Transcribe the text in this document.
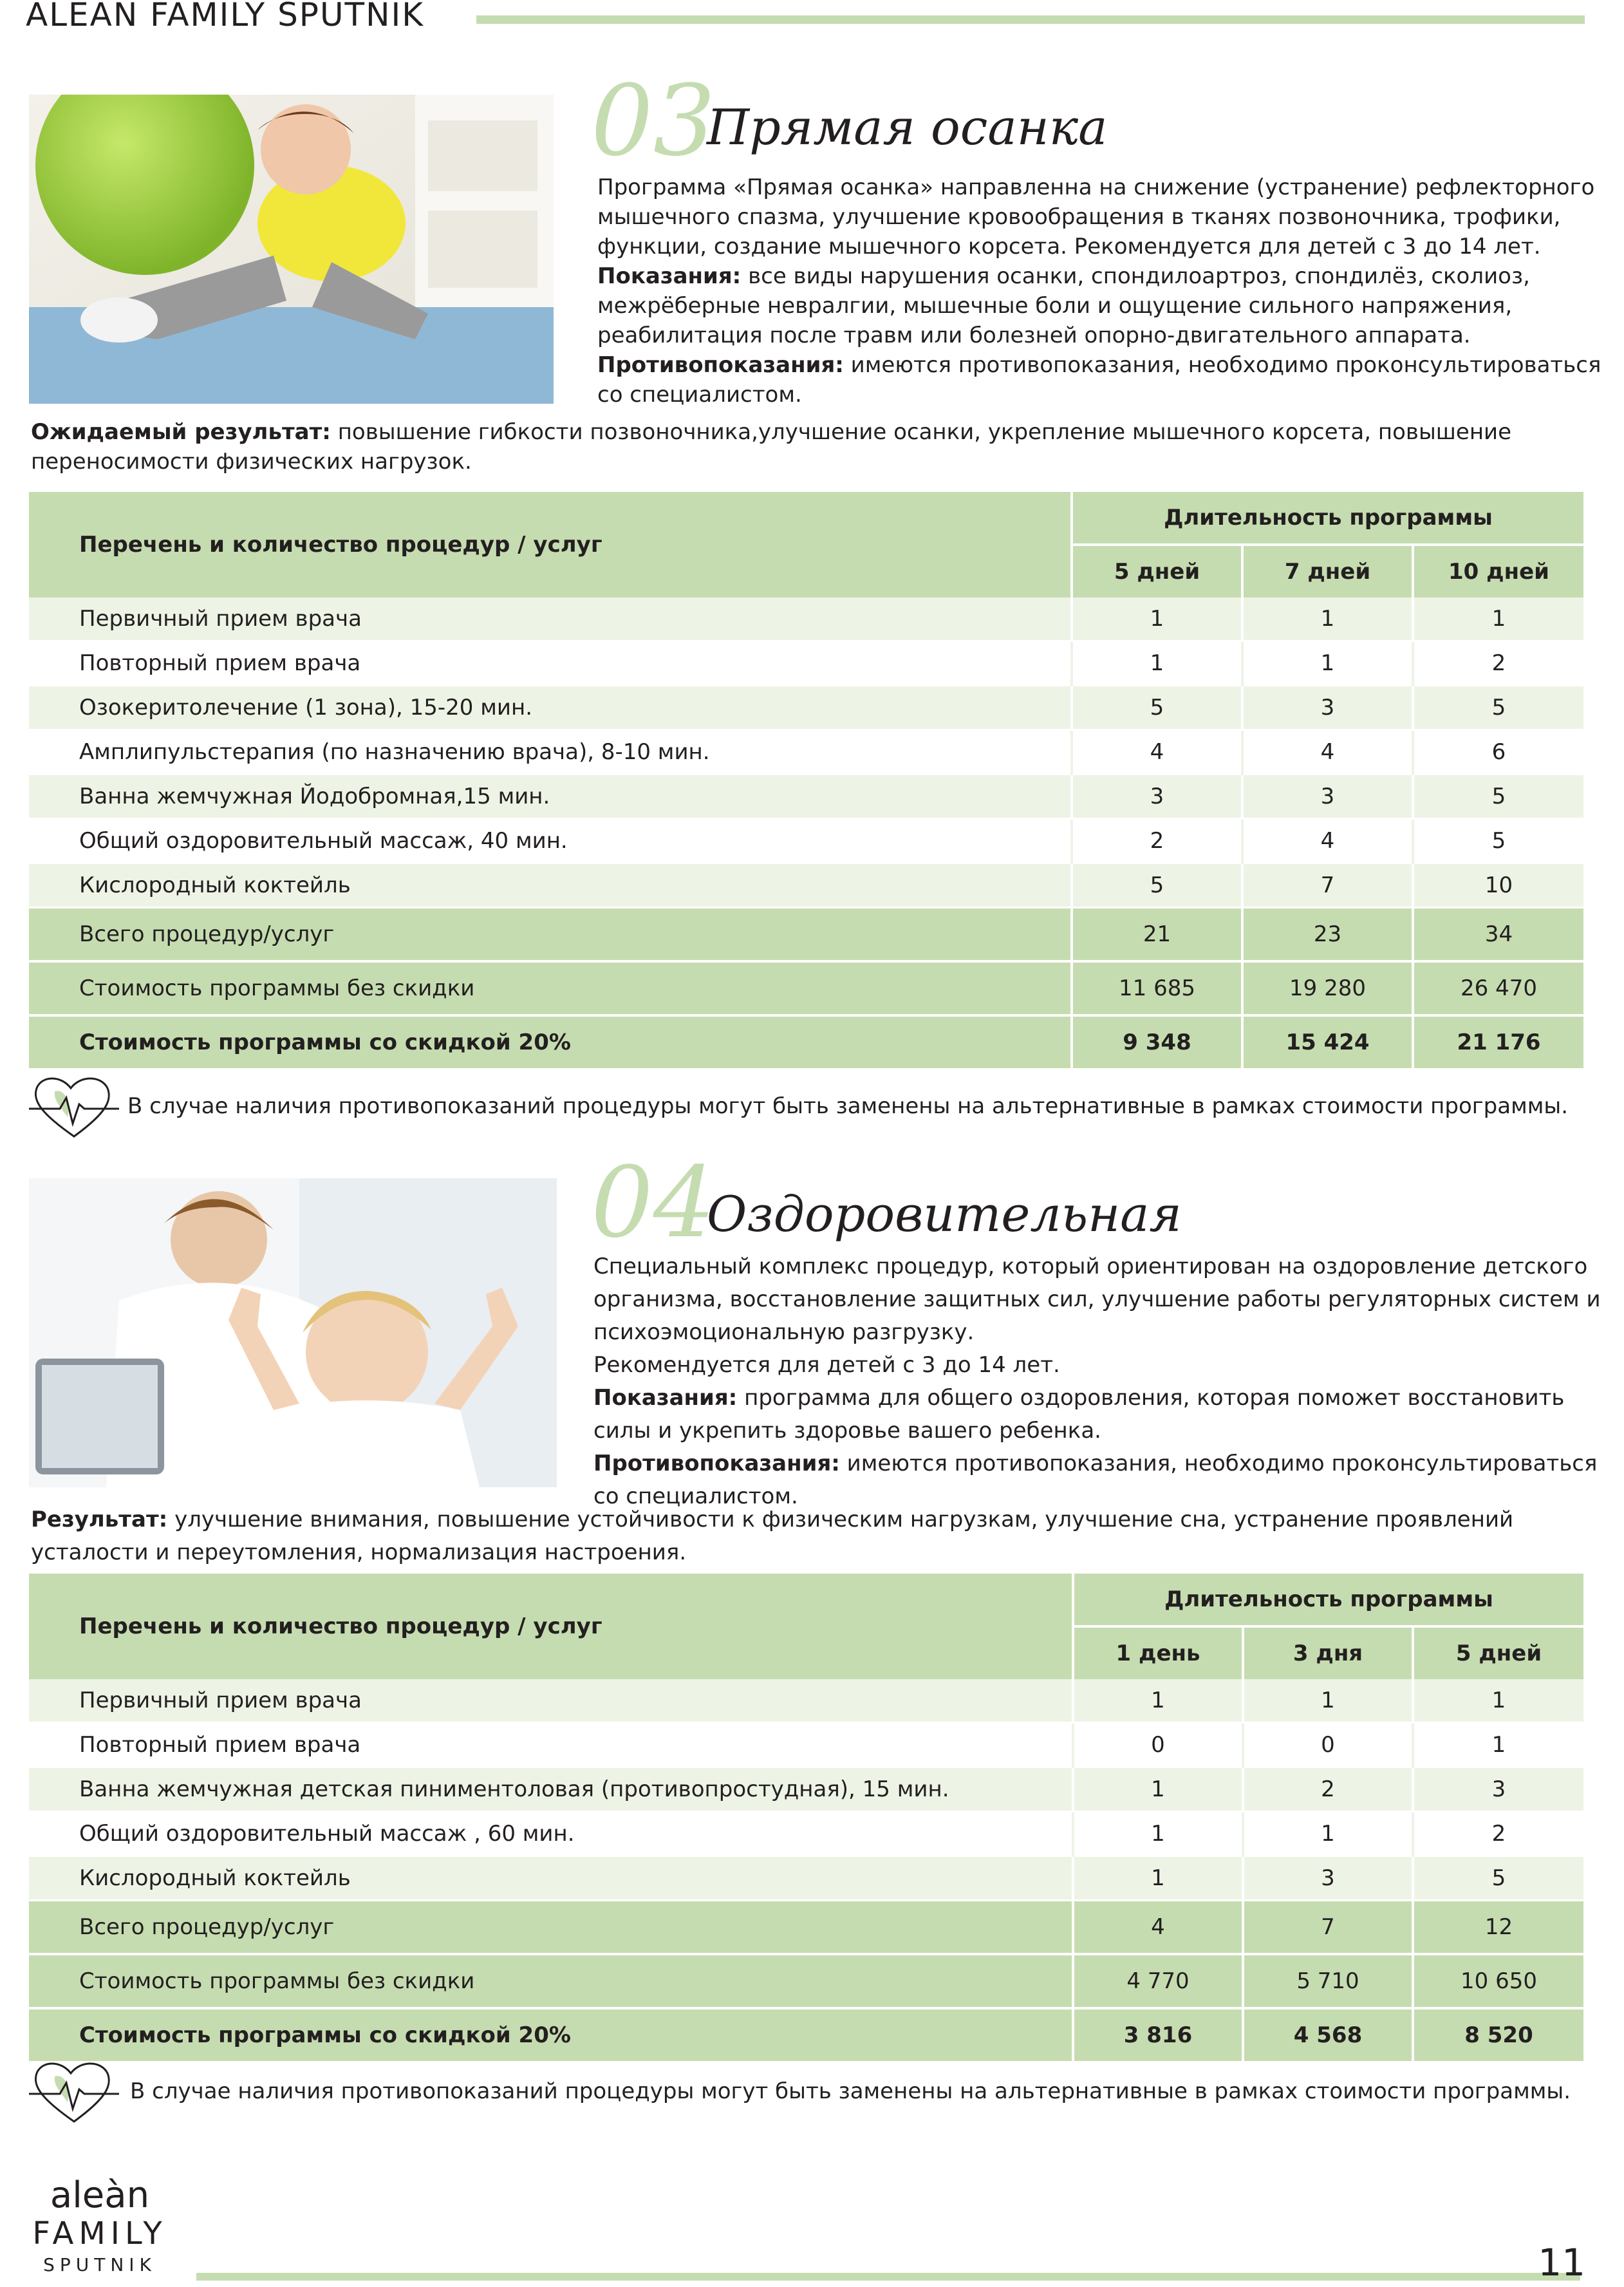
ALEAN FAMILY SPUTNIK
03
Прямая осанка

Программа «Прямая осанка» направленна на снижение (устранение) рефлекторного мышечного спазма, улучшение кровообращения в тканях позвоночника, трофики, функции, создание мышечного корсета. Рекомендуется для детей с 3 до 14 лет.

Показания: все виды нарушения осанки, спондилоартроз, спондилёз, сколиоз, межрёберные невралгии, мышечные боли и ощущение сильного напряжения, реабилитация после травм или болезней опорно-двигательного аппарата.

Противопоказания: имеются противопоказания, необходимо проконсультироваться со специалистом.

Ожидаемый результат: повышение гибкости позвоночника,улучшение осанки, укрепление мышечного корсета, повышение переносимости физических нагрузок.

Перечень и количество процедур / услуг	Длительность программы		
	5 дней	7 дней	10 дней
Первичный прием врача	1	1	1
Повторный прием врача	1	1	2
Озокеритолечение (1 зона), 15-20 мин.	5	3	5
Амплипульстерапия (по назначению врача), 8-10 мин.	4	4	6
Ванна жемчужная Йодобромная,15 мин.	3	3	5
Общий оздоровительный массаж, 40 мин.	2	4	5
Кислородный коктейль	5	7	10
Всего процедур/услуг	21	23	34
Стоимость программы без скидки	11 685	19 280	26 470
Стоимость программы со скидкой 20%	9 348	15 424	21 176
В случае наличия противопоказаний процедуры могут быть заменены на альтернативные в рамках стоимости программы.
04
Оздоровительная

Специальный комплекс процедур, который ориентирован на оздоровление детского организма, восстановление защитных сил, улучшение работы регуляторных систем и психоэмоциональную разгрузку.

Рекомендуется для детей с 3 до 14 лет.

Показания: программа для общего оздоровления, которая поможет восстановить силы и укрепить здоровье вашего ребенка.

Противопоказания: имеются противопоказания, необходимо проконсультироваться со специалистом.

Результат: улучшение внимания, повышение устойчивости к физическим нагрузкам, улучшение сна, устранение проявлений усталости и переутомления, нормализация настроения.

Перечень и количество процедур / услуг	Длительность программы		
	1 день	3 дня	5 дней
Первичный прием врача	1	1	1
Повторный прием врача	0	0	1
Ванна жемчужная детская пиниментоловая (противопростудная), 15 мин.	1	2	3
Общий оздоровительный массаж , 60 мин.	1	1	2
Кислородный коктейль	1	3	5
Всего процедур/услуг	4	7	12
Стоимость программы без скидки	4 770	5 710	10 650
Стоимость программы со скидкой 20%	3 816	4 568	8 520
В случае наличия противопоказаний процедуры могут быть заменены на альтернативные в рамках стоимости программы.
aleàn
FAMILY
SPUTNIK	11
